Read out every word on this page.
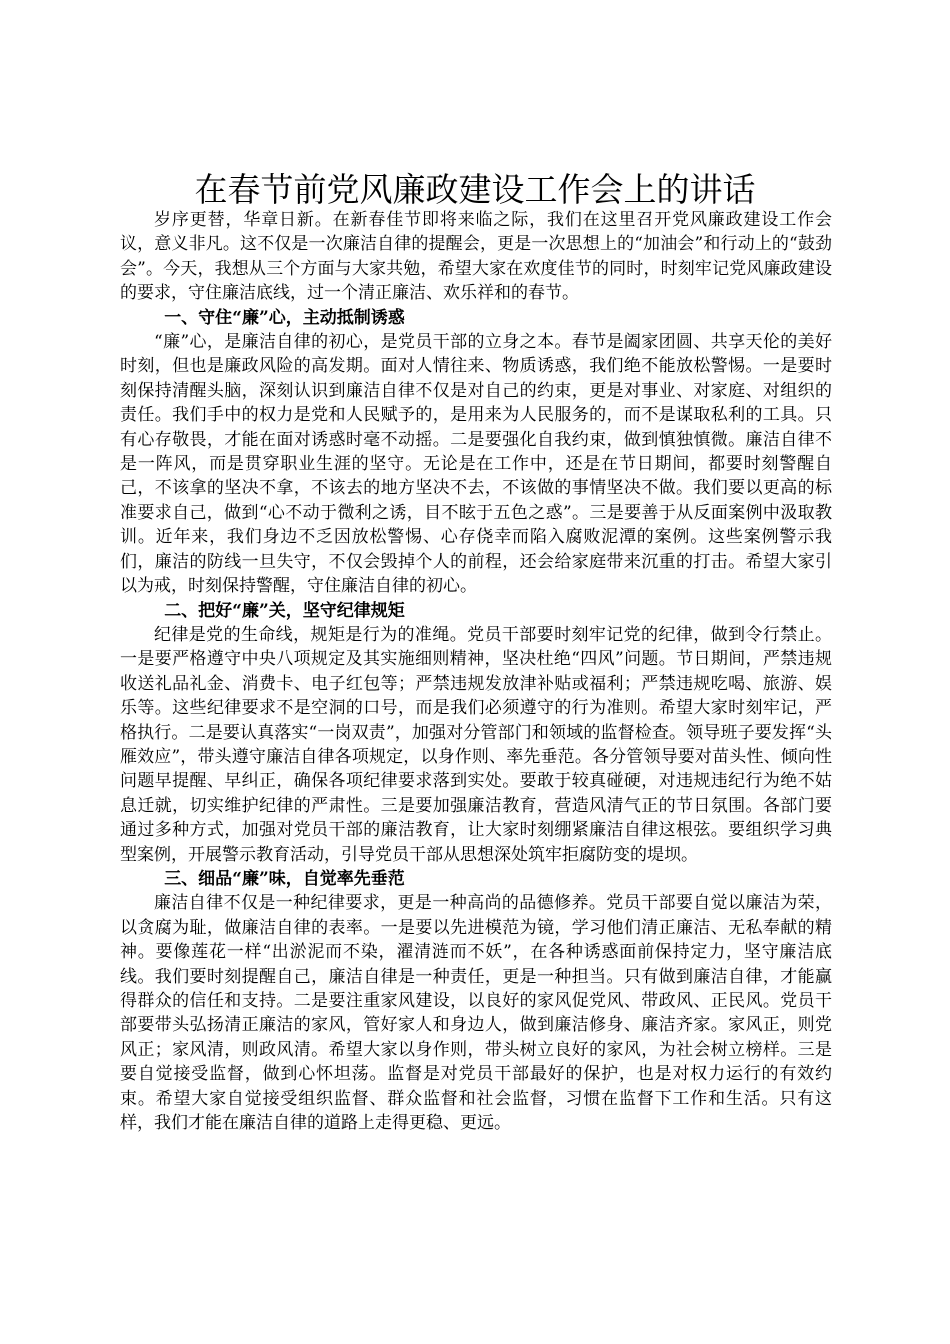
在春节前党风廉政建设工作会上的讲话

岁序更替，华章日新。在新春佳节即将来临之际，我们在这里召开党风廉政建设工作会议，意义非凡。这不仅是一次廉洁自律的提醒会，更是一次思想上的“加油会”和行动上的“鼓劲会”。今天，我想从三个方面与大家共勉，希望大家在欢度佳节的同时，时刻牢记党风廉政建设的要求，守住廉洁底线，过一个清正廉洁、欢乐祥和的春节。

一、守住“廉”心，主动抵制诱惑

“廉”心，是廉洁自律的初心，是党员干部的立身之本。春节是阖家团圆、共享天伦的美好时刻，但也是廉政风险的高发期。面对人情往来、物质诱惑，我们绝不能放松警惕。一是要时刻保持清醒头脑，深刻认识到廉洁自律不仅是对自己的约束，更是对事业、对家庭、对组织的责任。我们手中的权力是党和人民赋予的，是用来为人民服务的，而不是谋取私利的工具。只有心存敬畏，才能在面对诱惑时毫不动摇。二是要强化自我约束，做到慎独慎微。廉洁自律不是一阵风，而是贯穿职业生涯的坚守。无论是在工作中，还是在节日期间，都要时刻警醒自己，不该拿的坚决不拿，不该去的地方坚决不去，不该做的事情坚决不做。我们要以更高的标准要求自己，做到“心不动于微利之诱，目不眩于五色之惑”。三是要善于从反面案例中汲取教训。近年来，我们身边不乏因放松警惕、心存侥幸而陷入腐败泥潭的案例。这些案例警示我们，廉洁的防线一旦失守，不仅会毁掉个人的前程，还会给家庭带来沉重的打击。希望大家引以为戒，时刻保持警醒，守住廉洁自律的初心。

二、把好“廉”关，坚守纪律规矩

纪律是党的生命线，规矩是行为的准绳。党员干部要时刻牢记党的纪律，做到令行禁止。一是要严格遵守中央八项规定及其实施细则精神，坚决杜绝“四风”问题。节日期间，严禁违规收送礼品礼金、消费卡、电子红包等；严禁违规发放津补贴或福利；严禁违规吃喝、旅游、娱乐等。这些纪律要求不是空洞的口号，而是我们必须遵守的行为准则。希望大家时刻牢记，严格执行。二是要认真落实“一岗双责”，加强对分管部门和领域的监督检查。领导班子要发挥“头雁效应”，带头遵守廉洁自律各项规定，以身作则、率先垂范。各分管领导要对苗头性、倾向性问题早提醒、早纠正，确保各项纪律要求落到实处。要敢于较真碰硬，对违规违纪行为绝不姑息迁就，切实维护纪律的严肃性。三是要加强廉洁教育，营造风清气正的节日氛围。各部门要通过多种方式，加强对党员干部的廉洁教育，让大家时刻绷紧廉洁自律这根弦。要组织学习典型案例，开展警示教育活动，引导党员干部从思想深处筑牢拒腐防变的堤坝。

三、细品“廉”味，自觉率先垂范

廉洁自律不仅是一种纪律要求，更是一种高尚的品德修养。党员干部要自觉以廉洁为荣，以贪腐为耻，做廉洁自律的表率。一是要以先进模范为镜，学习他们清正廉洁、无私奉献的精神。要像莲花一样“出淤泥而不染，濯清涟而不妖”，在各种诱惑面前保持定力，坚守廉洁底线。我们要时刻提醒自己，廉洁自律是一种责任，更是一种担当。只有做到廉洁自律，才能赢得群众的信任和支持。二是要注重家风建设，以良好的家风促党风、带政风、正民风。党员干部要带头弘扬清正廉洁的家风，管好家人和身边人，做到廉洁修身、廉洁齐家。家风正，则党风正；家风清，则政风清。希望大家以身作则，带头树立良好的家风，为社会树立榜样。三是要自觉接受监督，做到心怀坦荡。监督是对党员干部最好的保护，也是对权力运行的有效约束。希望大家自觉接受组织监督、群众监督和社会监督，习惯在监督下工作和生活。只有这样，我们才能在廉洁自律的道路上走得更稳、更远。
